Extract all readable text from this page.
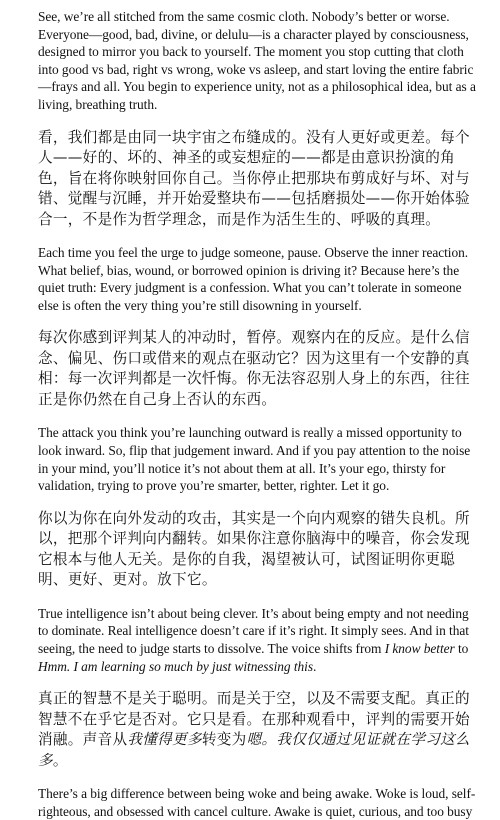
See, we’re all stitched from the same cosmic cloth. Nobody’s better or worse. Everyone—good, bad, divine, or delulu—is a character played by consciousness, designed to mirror you back to yourself. The moment you stop cutting that cloth into good vs bad, right vs wrong, woke vs asleep, and start loving the entire fabric—frays and all. You begin to experience unity, not as a philosophical idea, but as a living, breathing truth.

看，我们都是由同一块宇宙之布缝成的。没有人更好或更差。每个人——好的、坏的、神圣的或妄想症的——都是由意识扮演的角色，旨在将你映射回你自己。当你停止把那块布剪成好与坏、对与错、觉醒与沉睡，并开始爱整块布——包括磨损处——你开始体验合一，不是作为哲学理念，而是作为活生生的、呼吸的真理。

Each time you feel the urge to judge someone, pause. Observe the inner reaction. What belief, bias, wound, or borrowed opinion is driving it? Because here’s the quiet truth: Every judgment is a confession. What you can’t tolerate in someone else is often the very thing you’re still disowning in yourself.

每次你感到评判某人的冲动时，暂停。观察内在的反应。是什么信念、偏见、伤口或借来的观点在驱动它？因为这里有一个安静的真相：每一次评判都是一次忏悔。你无法容忍别人身上的东西，往往正是你仍然在自己身上否认的东西。

The attack you think you’re launching outward is really a missed opportunity to look inward. So, flip that judgement inward. And if you pay attention to the noise in your mind, you’ll notice it’s not about them at all. It’s your ego, thirsty for validation, trying to prove you’re smarter, better, righter. Let it go.

你以为你在向外发动的攻击，其实是一个向内观察的错失良机。所以，把那个评判向内翻转。如果你注意你脑海中的噪音，你会发现它根本与他人无关。是你的自我，渴望被认可，试图证明你更聪明、更好、更对。放下它。

True intelligence isn’t about being clever. It’s about being empty and not needing to dominate. Real intelligence doesn’t care if it’s right. It simply sees. And in that seeing, the need to judge starts to dissolve. The voice shifts from I know better to Hmm. I am learning so much by just witnessing this.

真正的智慧不是关于聪明。而是关于空，以及不需要支配。真正的智慧不在乎它是否对。它只是看。在那种观看中，评判的需要开始消融。声音从我懂得更多转变为嗯。我仅仅通过见证就在学习这么多。

There’s a big difference between being woke and being awake. Woke is loud, self-righteous, and obsessed with cancel culture. Awake is quiet, curious, and too busy
